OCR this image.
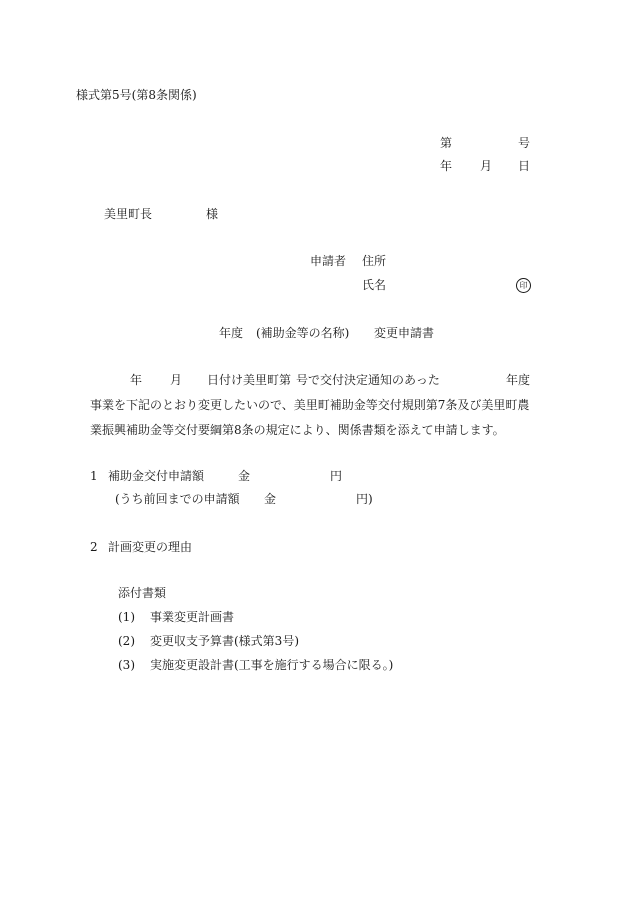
様式第5号(第8条関係)
第	号
年 月 日
美里町長	様
申請者 住所
氏名	印
年度 (補助金等の名称) 変更申請書
年 月 日付け美里町第 号で交付決定通知のあった	年度
事業を下記のとおり変更したいので、美里町補助金等交付規則第7条及び美里町農
業振興補助金等交付要綱第8条の規定により、関係書類を添えて申請します。
1 補助金交付申請額	金	円
(うち前回までの申請額 金	円)
2 計画変更の理由
添付書類
(1) 事業変更計画書
(2) 変更収支予算書(様式第3号)
(3) 実施変更設計書(工事を施行する場合に限る。)
